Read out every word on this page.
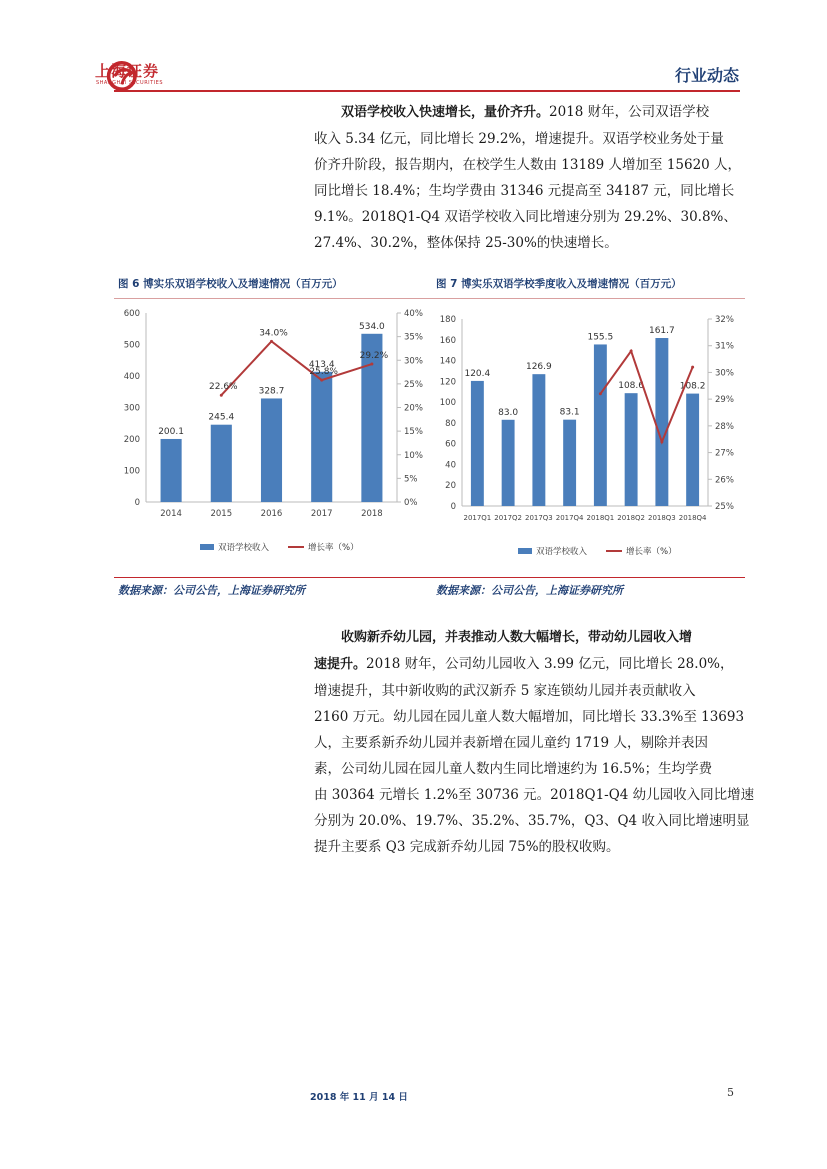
上海证券
SHANGHAI SECURITIES	行业动态
双语学校收入快速增长，量价齐升。2018 财年，公司双语学校
收入 5.34 亿元，同比增长 29.2%，增速提升。双语学校业务处于量
价齐升阶段，报告期内，在校学生人数由 13189 人增加至 15620 人，
同比增长 18.4%；生均学费由 31346 元提高至 34187 元，同比增长
9.1%。2018Q1-Q4 双语学校收入同比增速分别为 29.2%、30.8%、
27.4%、30.2%，整体保持 25-30%的快速增长。
图 6 博实乐双语学校收入及增速情况（百万元）	图 7 博实乐双语学校季度收入及增速情况（百万元）
0
100
200
300
400
500
600
0%
5%
10%
15%
20%
25%
30%
35%
40%
2014	2015	2016	2017	2018
200.1
245.4
328.7
413.4
534.0
22.6%
34.0%
25.8%
29.2%
双语学校收入	增长率（%）
0
20
40
60
80
100
120
140
160
180
25%
26%
27%
28%
29%
30%
31%
32%
2017Q1 2017Q2 2017Q3 2017Q4 2018Q1 2018Q2 2018Q3 2018Q4
120.4
83.0
126.9
83.1
155.5
108.6
161.7
108.2
双语学校收入	增长率（%）
数据来源：公司公告，上海证券研究所	数据来源：公司公告，上海证券研究所
收购新乔幼儿园，并表推动人数大幅增长，带动幼儿园收入增
速提升。2018 财年，公司幼儿园收入 3.99 亿元，同比增长 28.0%，
增速提升，其中新收购的武汉新乔 5 家连锁幼儿园并表贡献收入
2160 万元。幼儿园在园儿童人数大幅增加，同比增长 33.3%至 13693
人，主要系新乔幼儿园并表新增在园儿童约 1719 人，剔除并表因
素，公司幼儿园在园儿童人数内生同比增速约为 16.5%；生均学费
由 30364 元增长 1.2%至 30736 元。2018Q1-Q4 幼儿园收入同比增速
分别为 20.0%、19.7%、35.2%、35.7%，Q3、Q4 收入同比增速明显
提升主要系 Q3 完成新乔幼儿园 75%的股权收购。
2018 年 11 月 14 日	5
